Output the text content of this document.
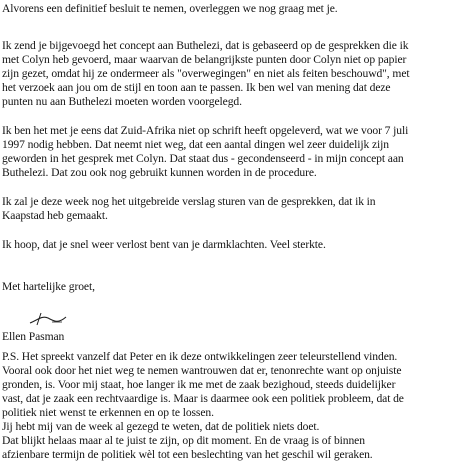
Alvorens een definitief besluit te nemen, overleggen we nog graag met je.
Ik zend je bijgevoegd het concept aan Buthelezi, dat is gebaseerd op de gesprekken die ik
met Colyn heb gevoerd, maar waarvan de belangrijkste punten door Colyn niet op papier
zijn gezet, omdat hij ze ondermeer als "overwegingen" en niet als feiten beschouwd", met
het verzoek aan jou om de stijl en toon aan te passen. Ik ben wel van mening dat deze
punten nu aan Buthelezi moeten worden voorgelegd.
Ik ben het met je eens dat Zuid-Afrika niet op schrift heeft opgeleverd, wat we voor 7 juli
1997 nodig hebben. Dat neemt niet weg, dat een aantal dingen wel zeer duidelijk zijn
geworden in het gesprek met Colyn. Dat staat dus - gecondenseerd - in mijn concept aan
Buthelezi. Dat zou ook nog gebruikt kunnen worden in de procedure.
Ik zal je deze week nog het uitgebreide verslag sturen van de gesprekken, dat ik in
Kaapstad heb gemaakt.
Ik hoop, dat je snel weer verlost bent van je darmklachten. Veel sterkte.
Met hartelijke groet,
Ellen Pasman
P.S. Het spreekt vanzelf dat Peter en ik deze ontwikkelingen zeer teleurstellend vinden.
Vooral ook door het niet weg te nemen wantrouwen dat er, tenonrechte want op onjuiste
gronden, is. Voor mij staat, hoe langer ik me met de zaak bezighoud, steeds duidelijker
vast, dat je zaak een rechtvaardige is. Maar is daarmee ook een politiek probleem, dat de
politiek niet wenst te erkennen en op te lossen.
Jij hebt mij van de week al gezegd te weten, dat de politiek niets doet.
Dat blijkt helaas maar al te juist te zijn, op dit moment. En de vraag is of binnen
afzienbare termijn de politiek wèl tot een beslechting van het geschil wil geraken.
